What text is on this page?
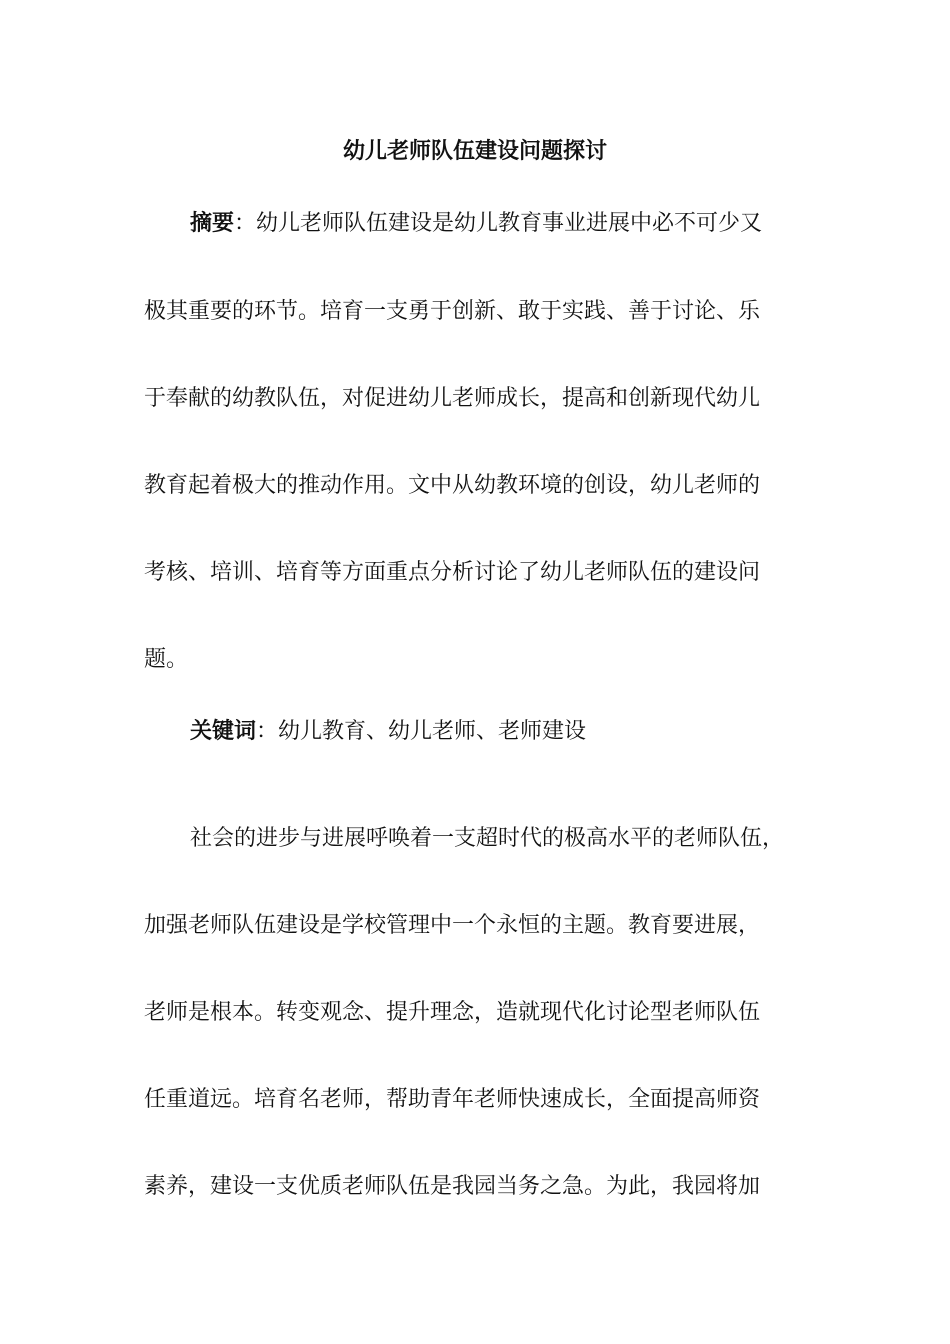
幼儿老师队伍建设问题探讨
摘要：幼儿老师队伍建设是幼儿教育事业进展中必不可少又
极其重要的环节。培育一支勇于创新、敢于实践、善于讨论、乐
于奉献的幼教队伍，对促进幼儿老师成长，提高和创新现代幼儿
教育起着极大的推动作用。文中从幼教环境的创设，幼儿老师的
考核、培训、培育等方面重点分析讨论了幼儿老师队伍的建设问
题。
关键词：幼儿教育、幼儿老师、老师建设
社会的进步与进展呼唤着一支超时代的极高水平的老师队伍，
加强老师队伍建设是学校管理中一个永恒的主题。教育要进展，
老师是根本。转变观念、提升理念，造就现代化讨论型老师队伍
任重道远。培育名老师，帮助青年老师快速成长，全面提高师资
素养，建设一支优质老师队伍是我园当务之急。为此，我园将加
